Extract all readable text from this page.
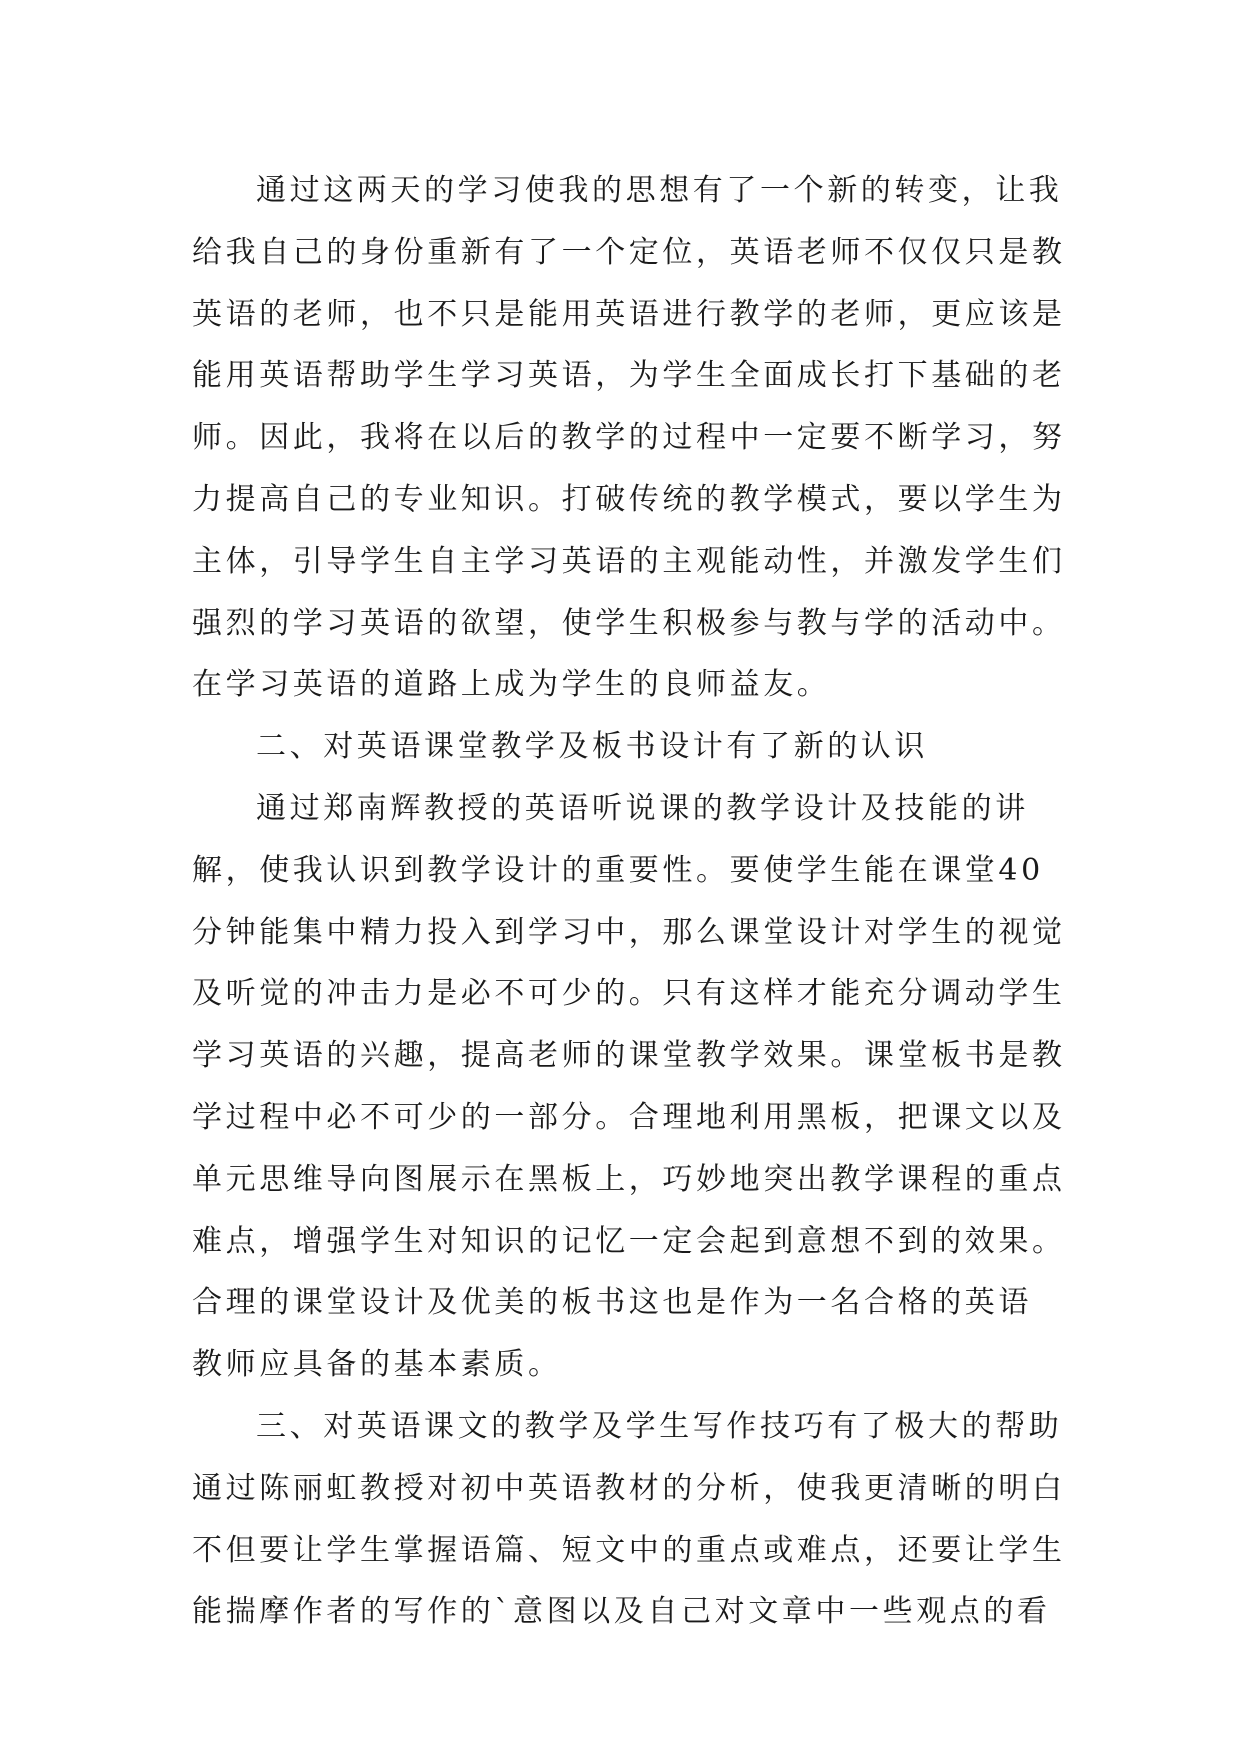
通过这两天的学习使我的思想有了一个新的转变，让我
给我自己的身份重新有了一个定位，英语老师不仅仅只是教
英语的老师，也不只是能用英语进行教学的老师，更应该是
能用英语帮助学生学习英语，为学生全面成长打下基础的老
师。因此，我将在以后的教学的过程中一定要不断学习，努
力提高自己的专业知识。打破传统的教学模式，要以学生为
主体，引导学生自主学习英语的主观能动性，并激发学生们
强烈的学习英语的欲望，使学生积极参与教与学的活动中。
在学习英语的道路上成为学生的良师益友。
二、对英语课堂教学及板书设计有了新的认识
通过郑南辉教授的英语听说课的教学设计及技能的讲
解，使我认识到教学设计的重要性。要使学生能在课堂40
分钟能集中精力投入到学习中，那么课堂设计对学生的视觉
及听觉的冲击力是必不可少的。只有这样才能充分调动学生
学习英语的兴趣，提高老师的课堂教学效果。课堂板书是教
学过程中必不可少的一部分。合理地利用黑板，把课文以及
单元思维导向图展示在黑板上，巧妙地突出教学课程的重点
难点，增强学生对知识的记忆一定会起到意想不到的效果。
合理的课堂设计及优美的板书这也是作为一名合格的英语
教师应具备的基本素质。
三、对英语课文的教学及学生写作技巧有了极大的帮助
通过陈丽虹教授对初中英语教材的分析，使我更清晰的明白
不但要让学生掌握语篇、短文中的重点或难点，还要让学生
能揣摩作者的写作的`意图以及自己对文章中一些观点的看
